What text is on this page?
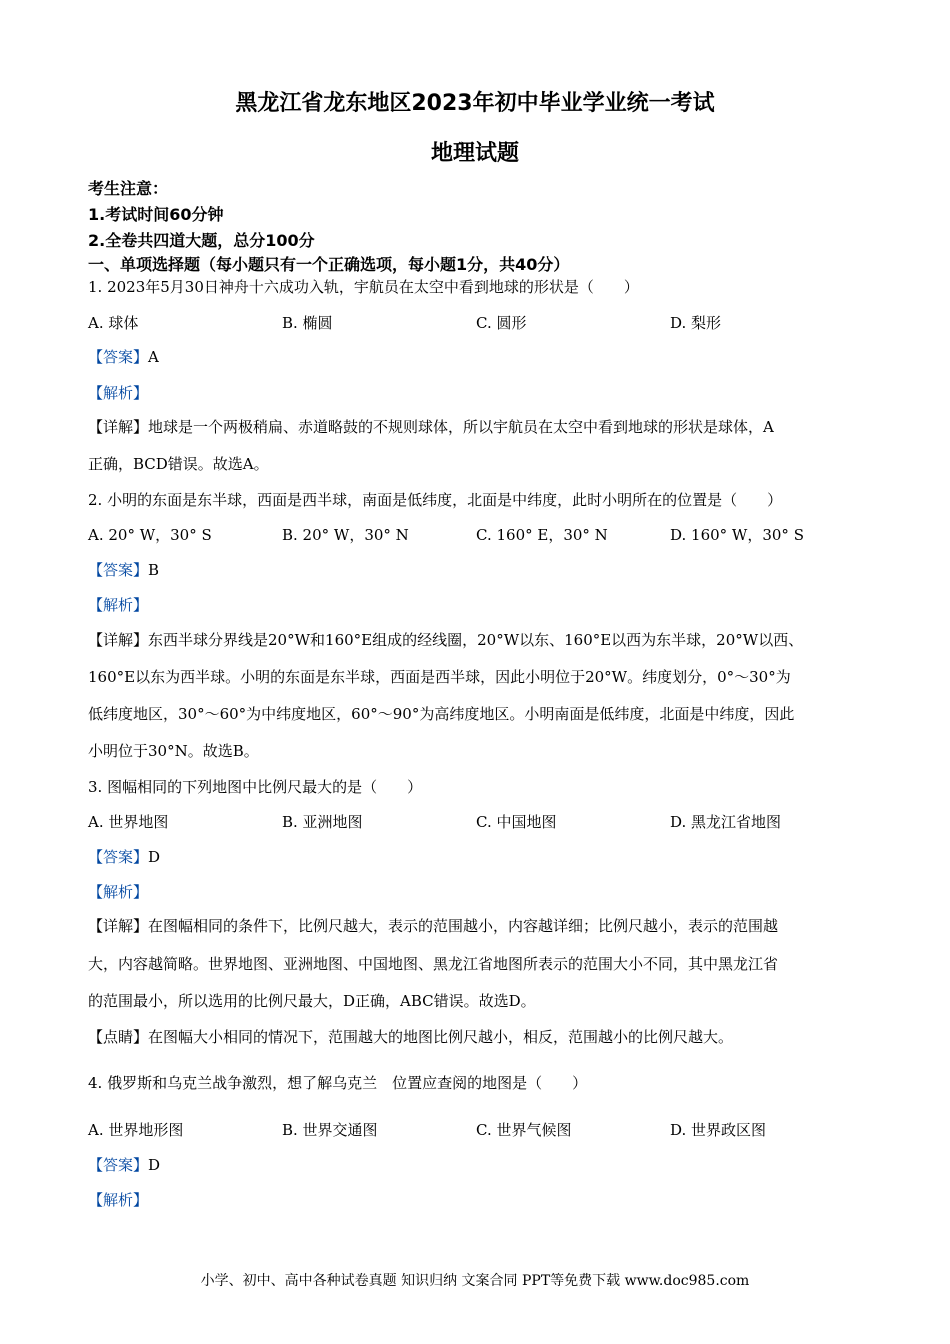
黑龙江省龙东地区2023年初中毕业学业统一考试
地理试题
考生注意：
1.考试时间60分钟
2.全卷共四道大题，总分100分
一、单项选择题（每小题只有一个正确选项，每小题1分，共40分）
1. 2023年5月30日神舟十六成功入轨，宇航员在太空中看到地球的形状是（　　）
A. 球体	B. 椭圆	C. 圆形	D. 梨形
【答案】A
【解析】
【详解】地球是一个两极稍扁、赤道略鼓的不规则球体，所以宇航员在太空中看到地球的形状是球体，A
正确，BCD错误。故选A。
2. 小明的东面是东半球，西面是西半球，南面是低纬度，北面是中纬度，此时小明所在的位置是（　　）
A. 20° W，30° S	B. 20° W，30° N	C. 160° E，30° N	D. 160° W，30° S
【答案】B
【解析】
【详解】东西半球分界线是20°W和160°E组成的经线圈，20°W以东、160°E以西为东半球，20°W以西、
160°E以东为西半球。小明的东面是东半球，西面是西半球，因此小明位于20°W。纬度划分，0°～30°为
低纬度地区，30°～60°为中纬度地区，60°～90°为高纬度地区。小明南面是低纬度，北面是中纬度，因此
小明位于30°N。故选B。
3. 图幅相同的下列地图中比例尺最大的是（　　）
A. 世界地图	B. 亚洲地图	C. 中国地图	D. 黑龙江省地图
【答案】D
【解析】
【详解】在图幅相同的条件下，比例尺越大，表示的范围越小，内容越详细；比例尺越小，表示的范围越
大，内容越简略。世界地图、亚洲地图、中国地图、黑龙江省地图所表示的范围大小不同，其中黑龙江省
的范围最小，所以选用的比例尺最大，D正确，ABC错误。故选D。
【点睛】在图幅大小相同的情况下，范围越大的地图比例尺越小，相反，范围越小的比例尺越大。
4. 俄罗斯和乌克兰战争激烈，想了解乌克兰　位置应查阅的地图是（　　）
A. 世界地形图	B. 世界交通图	C. 世界气候图	D. 世界政区图
【答案】D
【解析】
小学、初中、高中各种试卷真题 知识归纳 文案合同 PPT等免费下载 www.doc985.com
